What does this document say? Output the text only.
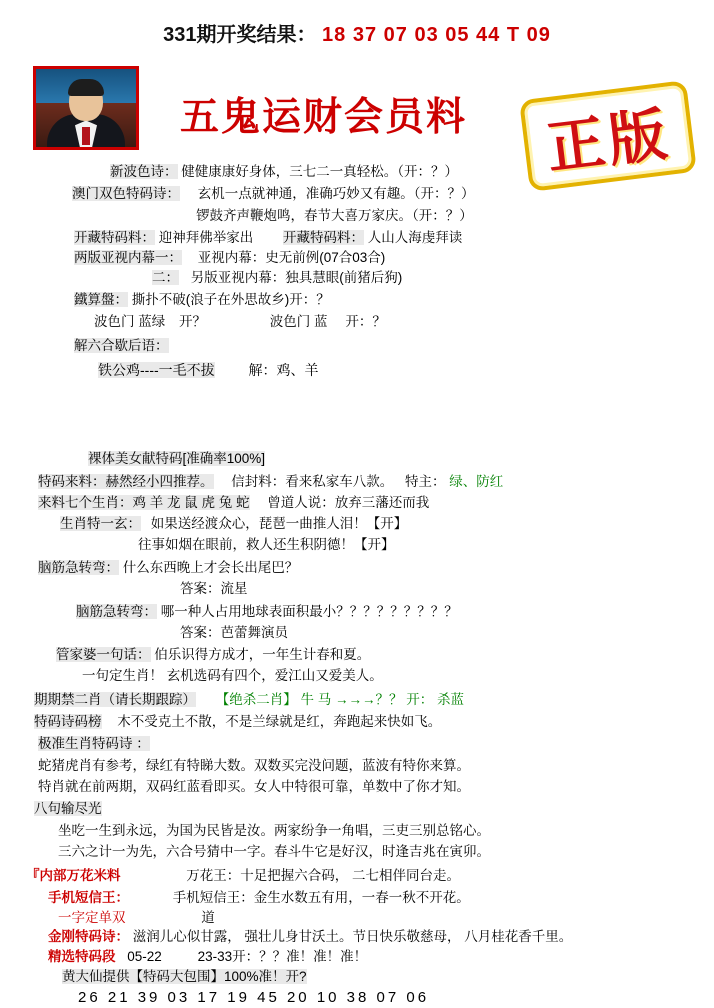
331期开奖结果： 18 37 07 03 05 44 T 09
五鬼运财会员料	正版
新波色诗： 健健康康好身体，三七二一真轻松。（开：？）
澳门双色特码诗： 玄机一点就神通，准确巧妙又有趣。（开：？）
锣鼓齐声鞭炮鸣，春节大喜万家庆。（开：？）
开藏特码料： 迎神拜佛举家出 开藏特码料： 人山人海虔拜读
两版亚视内幕一： 亚视内幕：史无前例(07合03合)
二： 另版亚视内幕：独具慧眼(前猪后狗)
鐵算盤： 撕扑不破(浪子在外思故乡)开：？
波色门 蓝绿 开？	波色门 蓝 开：？
解六合歇后语：
铁公鸡----一毛不拔 解：鸡、羊
裸体美女献特码[准确率100%]
特码来料：赫然经小四推荐。 信封料：看来私家车八款。 特主： 绿、防红
来料七个生肖：鸡 羊 龙 鼠 虎 兔 蛇 曾道人说：放弃三藩还而我
生肖特一玄： 如果送经渡众心，琵琶一曲推人泪！【开】
往事如烟在眼前，救人还生积阴德！【开】
脑筋急转弯： 什么东西晚上才会长出尾巴？
答案：流星
脑筋急转弯： 哪一种人占用地球表面积最小？？？？？？？？？
答案：芭蕾舞演员
管家婆一句话： 伯乐识得方成才，一年生计春和夏。
一句定生肖！ 玄机选码有四个，爱江山又爱美人。
期期禁二肖（请长期跟踪） 【绝杀二肖】 牛 马 →→→？？ 开： 杀蓝
特码诗码榜 木不受克土不散，不是兰绿就是红，奔跑起来快如飞。
极准生肖特码诗 ：
蛇猪虎肖有参考，绿红有特睇大数。双数买完没问题，蓝波有特你来算。
特肖就在前两期，双码红蓝看即买。女人中特很可靠，单数中了你才知。
八句输尽光
坐吃一生到永远，为国为民皆是汝。两家纷争一角唱，三吏三别总铭心。
三六之计一为先，六合号猜中一字。春斗牛它是好汉，时逢吉兆在寅卯。
『内部万花米料	万花王：十足把握六合码， 二七相伴同台走。
手机短信王：	手机短信王：金生水数五有用，一春一秋不开花。
一字定单双	道
金刚特码诗： 滋润儿心似甘露， 强壮儿身甘沃土。节日快乐敬慈母， 八月桂花香千里。
精选特码段 05-22	23-33开：？？准！准！准！
黄大仙提供【特码大包围】100%准！开?
26 21 39 03 17 19 45 20 10 38 07 06
